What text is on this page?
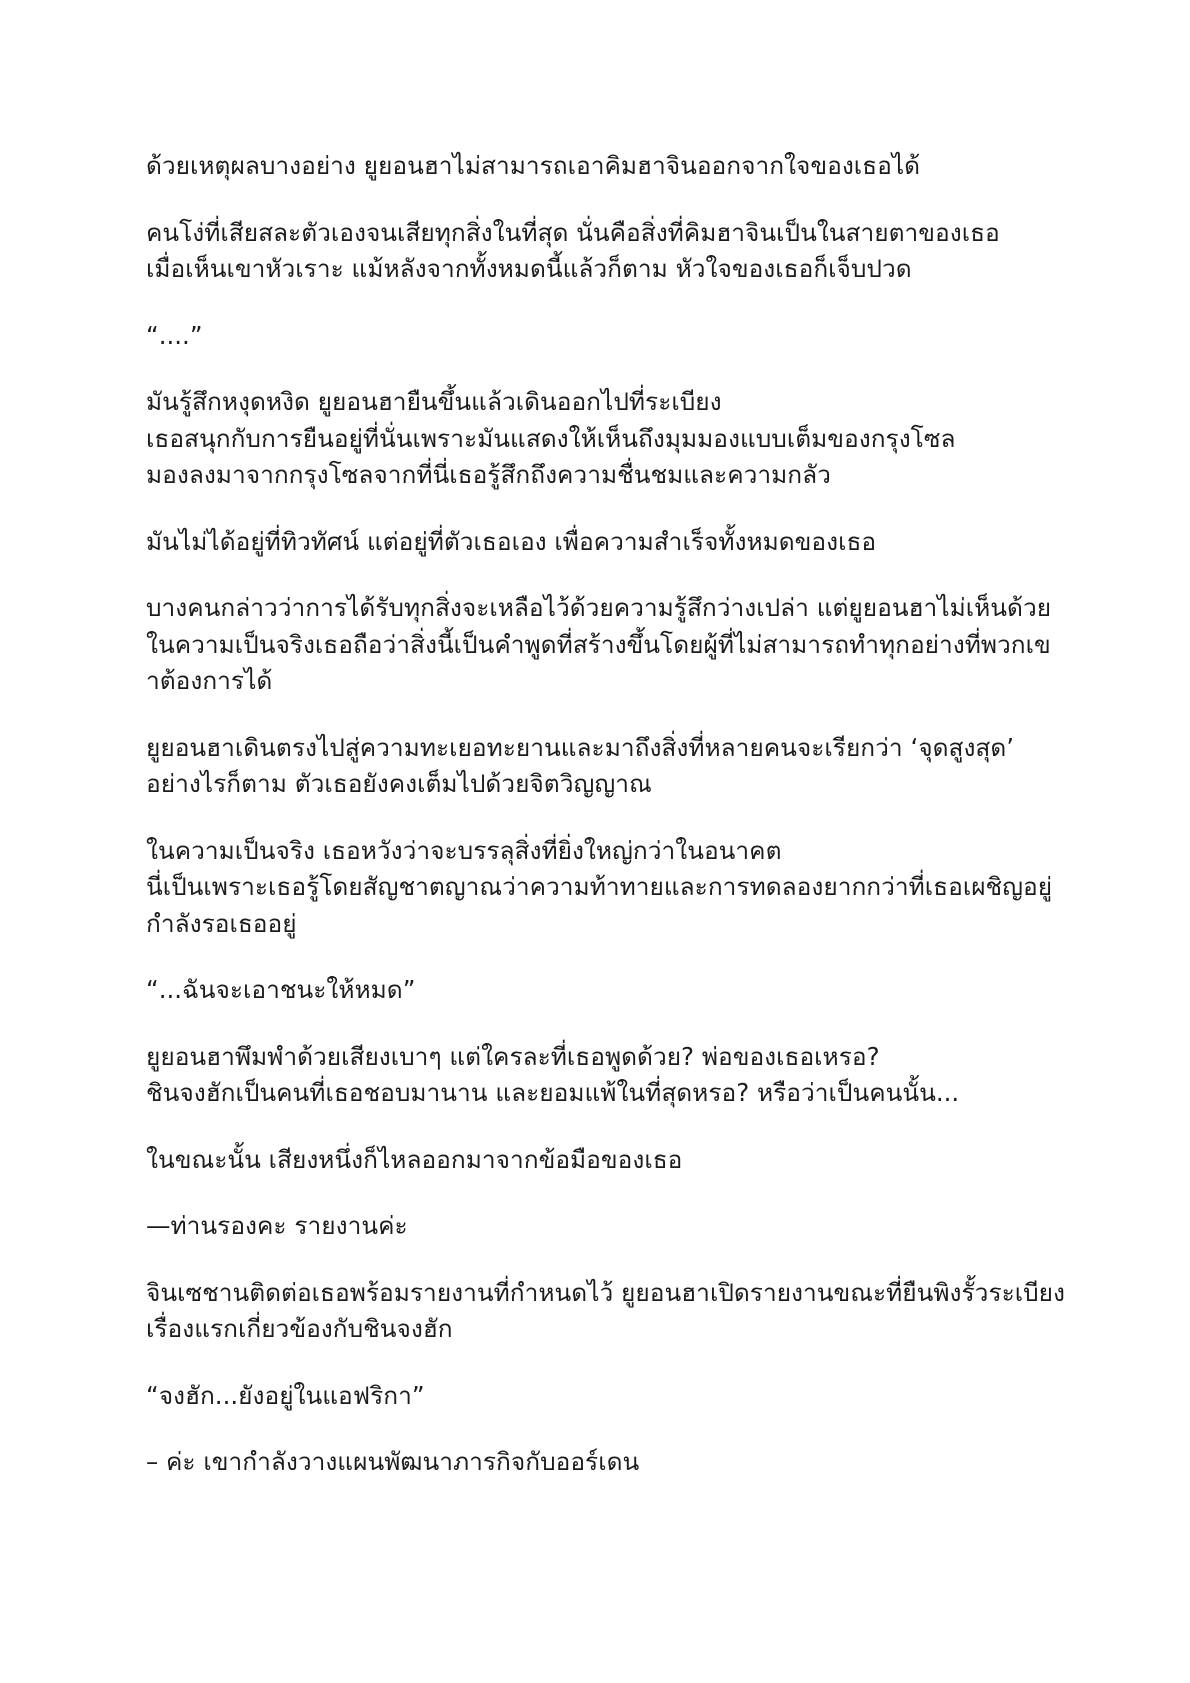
ด้วยเหตุผลบางอย่าง ยูยอนฮาไม่สามารถเอาคิมฮาจินออกจากใจของเธอได้

คนโง่ที่เสียสละตัวเองจนเสียทุกสิ่งในที่สุด นั่นคือสิ่งที่คิมฮาจินเป็นในสายตาของเธอ
เมื่อเห็นเขาหัวเราะ แม้หลังจากทั้งหมดนี้แล้วก็ตาม หัวใจของเธอก็เจ็บปวด

“....”

มันรู้สึกหงุดหงิด ยูยอนฮายืนขึ้นแล้วเดินออกไปที่ระเบียง
เธอสนุกกับการยืนอยู่ที่นั่นเพราะมันแสดงให้เห็นถึงมุมมองแบบเต็มของกรุงโซล
มองลงมาจากกรุงโซลจากที่นี่เธอรู้สึกถึงความชื่นชมและความกลัว

มันไม่ได้อยู่ที่ทิวทัศน์ แต่อยู่ที่ตัวเธอเอง เพื่อความสำเร็จทั้งหมดของเธอ

บางคนกล่าวว่าการได้รับทุกสิ่งจะเหลือไว้ด้วยความรู้สึกว่างเปล่า แต่ยูยอนฮาไม่เห็นด้วย
ในความเป็นจริงเธอถือว่าสิ่งนี้เป็นคำพูดที่สร้างขึ้นโดยผู้ที่ไม่สามารถทำทุกอย่างที่พวกเข
าต้องการได้

ยูยอนฮาเดินตรงไปสู่ความทะเยอทะยานและมาถึงสิ่งที่หลายคนจะเรียกว่า ‘จุดสูงสุด’
อย่างไรก็ตาม ตัวเธอยังคงเต็มไปด้วยจิตวิญญาณ

ในความเป็นจริง เธอหวังว่าจะบรรลุสิ่งที่ยิ่งใหญ่กว่าในอนาคต
นี่เป็นเพราะเธอรู้โดยสัญชาตญาณว่าความท้าทายและการทดลองยากกว่าที่เธอเผชิญอยู่
กำลังรอเธออยู่

“...ฉันจะเอาชนะให้หมด”

ยูยอนฮาพึมพำด้วยเสียงเบาๆ แต่ใครละที่เธอพูดด้วย? พ่อของเธอเหรอ?
ชินจงฮักเป็นคนที่เธอชอบมานาน และยอมแพ้ในที่สุดหรอ? หรือว่าเป็นคนนั้น...

ในขณะนั้น เสียงหนึ่งก็ไหลออกมาจากข้อมือของเธอ

—ท่านรองคะ รายงานค่ะ

จินเซชานติดต่อเธอพร้อมรายงานที่กำหนดไว้ ยูยอนฮาเปิดรายงานขณะที่ยืนพิงรั้วระเบียง
เรื่องแรกเกี่ยวข้องกับชินจงฮัก

“จงฮัก...ยังอยู่ในแอฟริกา”

– ค่ะ เขากำลังวางแผนพัฒนาภารกิจกับออร์เดน
